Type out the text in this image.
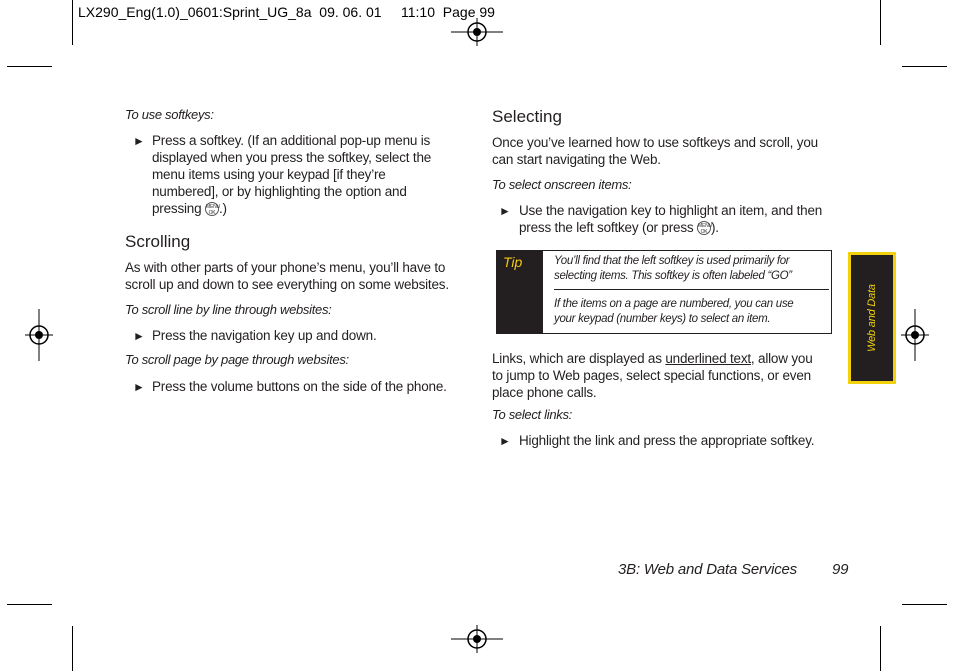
LX290_Eng(1.0)_0601:Sprint_UG_8a  09. 06. 01     11:10  Page 99
To use softkeys:
► Press a softkey. (If an additional pop-up menu is
displayed when you press the softkey, select the
menu items using your keypad [if they’re
numbered], or by highlighting the option and
pressing MENU
OK .)
Scrolling
As with other parts of your phone’s menu, you’ll have to
scroll up and down to see everything on some websites.
To scroll line by line through websites:
► Press the navigation key up and down.
To scroll page by page through websites:
► Press the volume buttons on the side of the phone.
Selecting
Once you’ve learned how to use softkeys and scroll, you
can start navigating the Web.
To select onscreen items:
► Use the navigation key to highlight an item, and then
press the left softkey (or press MENU
OK ).
Tip	You’ll find that the left softkey is used primarily for
selecting items. This softkey is often labeled “GO”
If the items on a page are numbered, you can use
your keypad (number keys) to select an item.
Links, which are displayed as underlined text, allow you
to jump to Web pages, select special functions, or even
place phone calls.
To select links:
► Highlight the link and press the appropriate softkey.
Web and Data
3B: Web and Data Services 99
